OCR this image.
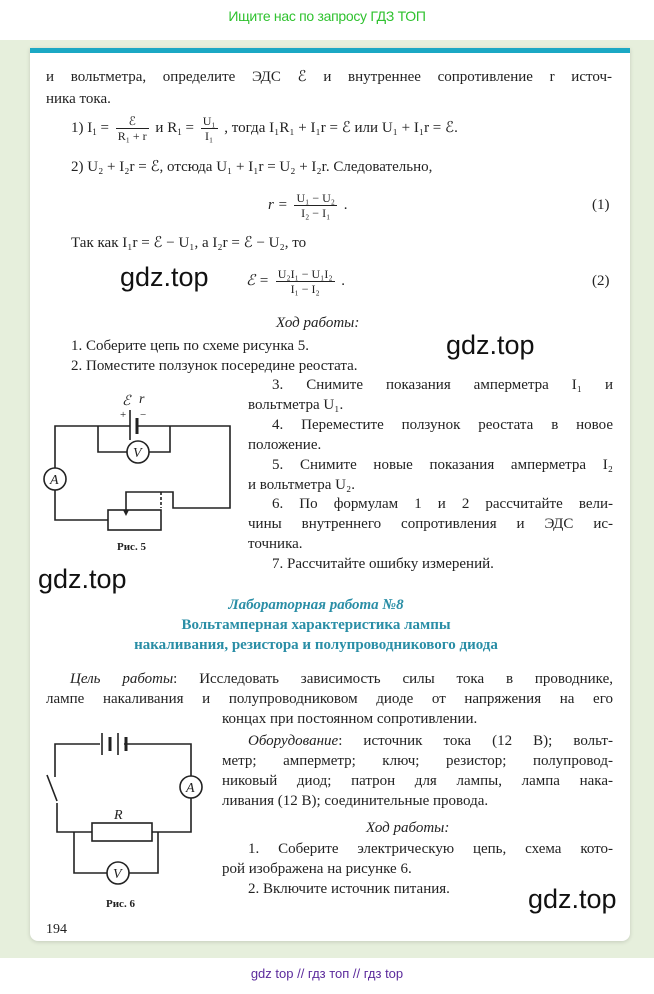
Ищите нас по запросу ГДЗ ТОП
и вольтметра, определите ЭДС ℰ и внутреннее сопротивление r источ-
ника тока.
1) $I_1 = \frac{\text{ℰ}}{\text{R₁ + r}}$ и $R_1 = \frac{\text{U₁}}{\text{I₁}}$ , тогда I₁R₁ + I₁r = ℰ или U₁ + I₁r = ℰ.
2) U₂ + I₂r = ℰ, отсюда U₁ + I₁r = U₂ + I₂r. Следовательно,
$r = \frac{\text{U₁ − U₂}}{\text{I₂ − I₁}}$ .	(1)
Так как I₁r = ℰ − U₁, а I₂r = ℰ − U₂, то
gdz.top ℰ = $\frac{\text{U₂I₁ − U₁I₂}}{\text{I₁ − I₂}}$ .	(2)
Ход работы:
gdz.top
1. Соберите цепь по схеме рисунка 5.
2. Поместите ползунок посередине реостата.
3. Снимите показания амперметра I₁ и
вольтметра U₁.
4. Переместите ползунок реостата в новое
положение.
5. Снимите новые показания амперметра I₂
и вольтметра U₂.
6. По формулам 1 и 2 рассчитайте вели-
чины внутреннего сопротивления и ЭДС ис-
точника.
7. Рассчитайте ошибку измерений.
ℰ r
+ −
V
A
Рис. 5
gdz.top
Лабораторная работа №8
Вольтамперная характеристика лампы
накаливания, резистора и полупроводникового диода
Цель работы: Исследовать зависимость силы тока в проводнике,
лампе накаливания и полупроводниковом диоде от напряжения на его
концах при постоянном сопротивлении.
Оборудование: источник тока (12 В); вольт-
метр; амперметр; ключ; резистор; полупровод-
никовый диод; патрон для лампы, лампа нака-
ливания (12 В); соединительные провода.
Ход работы:
1. Соберите электрическую цепь, схема кото-
рой изображена на рисунке 6.
2. Включите источник питания.
R
V
A
Рис. 6	gdz.top
194
gdz top // гдз топ // гдз top
